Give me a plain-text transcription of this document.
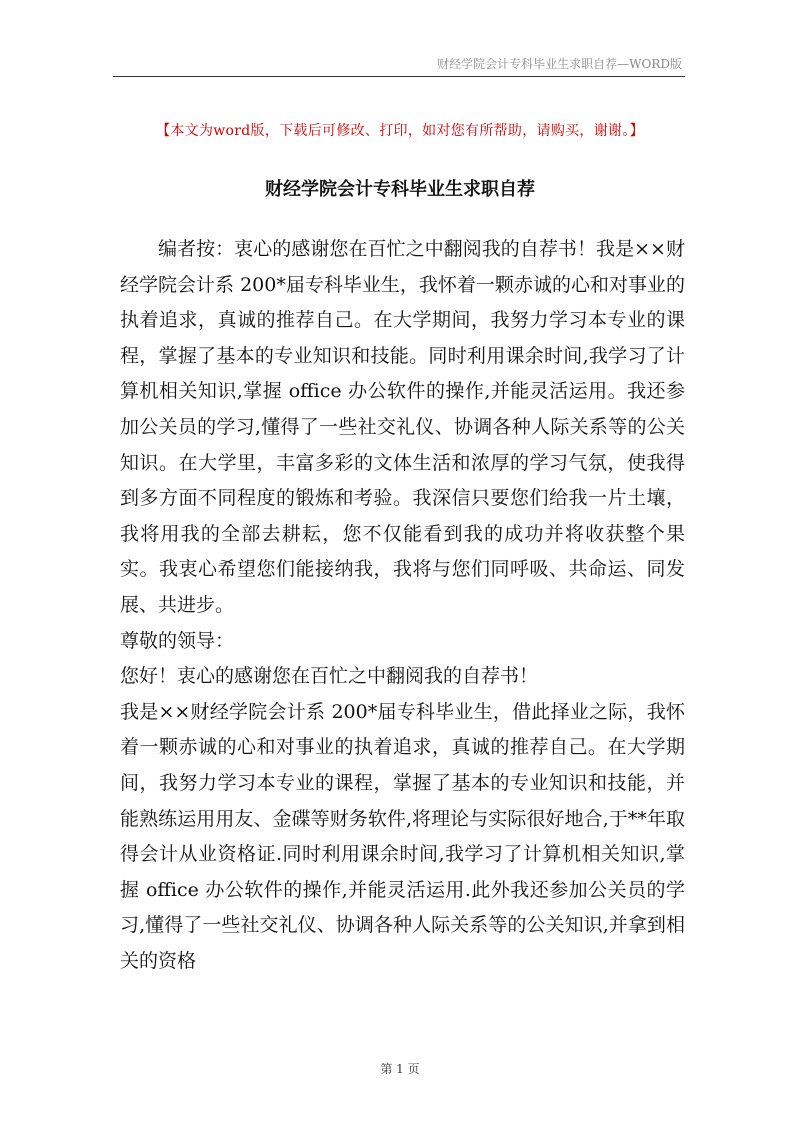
财经学院会计专科毕业生求职自荐—WORD版
【本文为word版，下载后可修改、打印，如对您有所帮助，请购买，谢谢。】
财经学院会计专科毕业生求职自荐

编者按：衷心的感谢您在百忙之中翻阅我的自荐书！我是××财经学院会计系 200*届专科毕业生，我怀着一颗赤诚的心和对事业的执着追求，真诚的推荐自己。在大学期间，我努力学习本专业的课程，掌握了基本的专业知识和技能。同时利用课余时间,我学习了计算机相关知识,掌握 office 办公软件的操作,并能灵活运用。我还参加公关员的学习,懂得了一些社交礼仪、协调各种人际关系等的公关知识。在大学里，丰富多彩的文体生活和浓厚的学习气氛，使我得到多方面不同程度的锻炼和考验。我深信只要您们给我一片土壤，我将用我的全部去耕耘，您不仅能看到我的成功并将收获整个果实。我衷心希望您们能接纳我，我将与您们同呼吸、共命运、同发展、共进步。

尊敬的领导：

您好！衷心的感谢您在百忙之中翻阅我的自荐书！

我是××财经学院会计系 200*届专科毕业生，借此择业之际，我怀着一颗赤诚的心和对事业的执着追求，真诚的推荐自己。在大学期间，我努力学习本专业的课程，掌握了基本的专业知识和技能，并能熟练运用用友、金碟等财务软件,将理论与实际很好地合,于**年取得会计从业资格证.同时利用课余时间,我学习了计算机相关知识,掌握 office 办公软件的操作,并能灵活运用.此外我还参加公关员的学习,懂得了一些社交礼仪、协调各种人际关系等的公关知识,并拿到相关的资格

第 1 页
